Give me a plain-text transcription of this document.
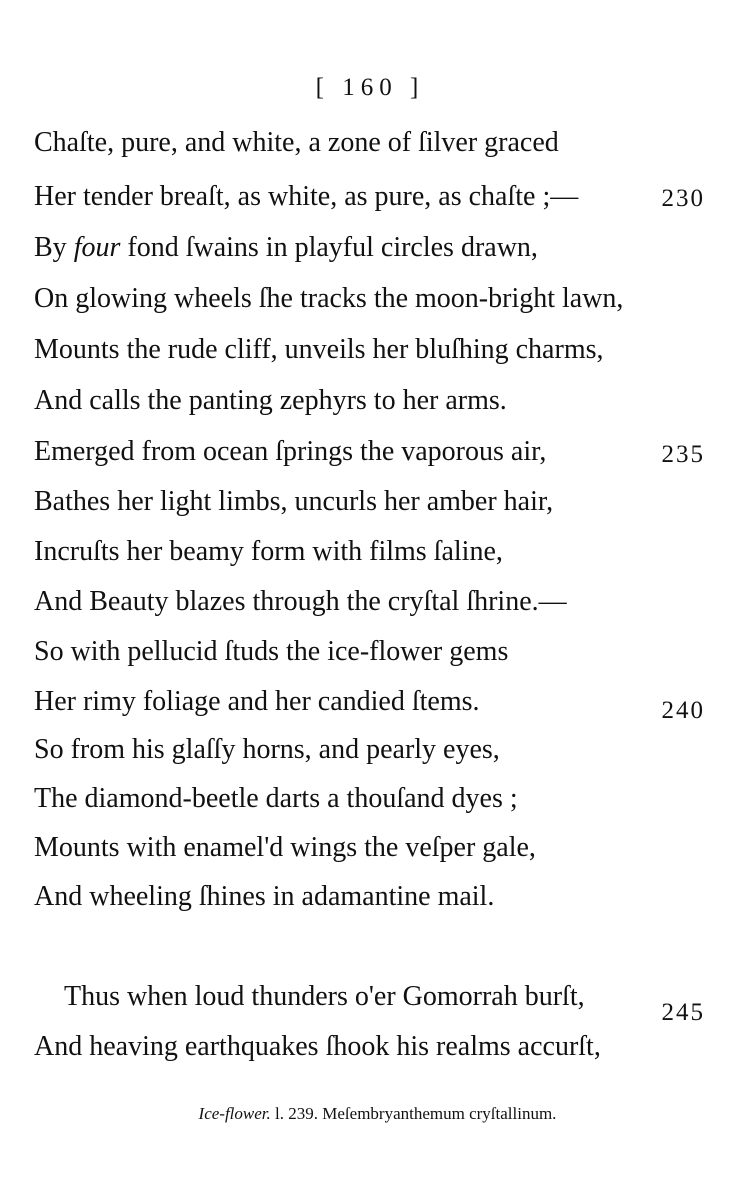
[ 160 ]
Chaſte, pure, and white, a zone of ſilver graced
Her tender breaſt, as white, as pure, as chaſte ;—	230
By four fond ſwains in playful circles drawn,
On glowing wheels ſhe tracks the moon-bright lawn,
Mounts the rude cliff, unveils her bluſhing charms,
And calls the panting zephyrs to her arms.
Emerged from ocean ſprings the vaporous air,	235
Bathes her light limbs, uncurls her amber hair,
Incruſts her beamy form with films ſaline,
And Beauty blazes through the cryſtal ſhrine.—
So with pellucid ſtuds the ice-flower gems
Her rimy foliage and her candied ſtems.	240
So from his glaſſy horns, and pearly eyes,
The diamond-beetle darts a thouſand dyes ;
Mounts with enamel'd wings the veſper gale,
And wheeling ſhines in adamantine mail.
Thus when loud thunders o'er Gomorrah burſt,
245
And heaving earthquakes ſhook his realms accurſt,
Ice-flower. l. 239. Meſembryanthemum cryſtallinum.
